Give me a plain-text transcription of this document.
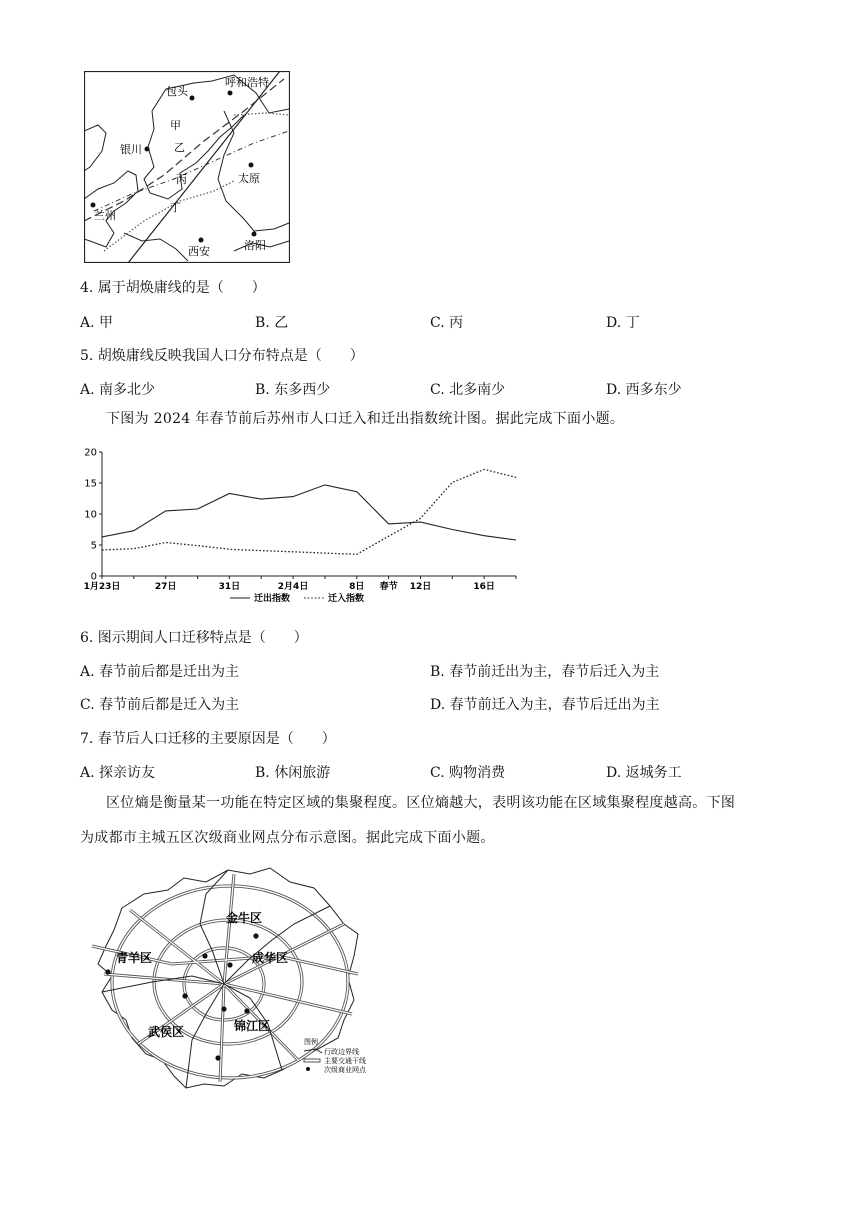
包头
呼和浩特
银川
太原
兰州
西安	洛阳
甲
乙
丙
丁
4. 属于胡焕庸线的是（　　）
A. 甲	B. 乙	C. 丙	D. 丁
5. 胡焕庸线反映我国人口分布特点是（　　）
A. 南多北少	B. 东多西少	C. 北多南少	D. 西多东少
下图为 2024 年春节前后苏州市人口迁入和迁出指数统计图。据此完成下面小题。
0
5
10
15
20
1月23日	27日	31日	2月4日	8日 春节 12日	16日
迁出指数	迁入指数
6. 图示期间人口迁移特点是（　　）
A. 春节前后都是迁出为主	B. 春节前迁出为主，春节后迁入为主
C. 春节前后都是迁入为主	D. 春节前迁入为主，春节后迁出为主
7. 春节后人口迁移的主要原因是（　　）
A. 探亲访友	B. 休闲旅游	C. 购物消费	D. 返城务工
区位熵是衡量某一功能在特定区域的集聚程度。区位熵越大，表明该功能在区域集聚程度越高。下图
为成都市主城五区次级商业网点分布示意图。据此完成下面小题。
金牛区
青羊区	成华区
武侯区	锦江区
图例
行政边界线
主要交通干线
次级商业网点
